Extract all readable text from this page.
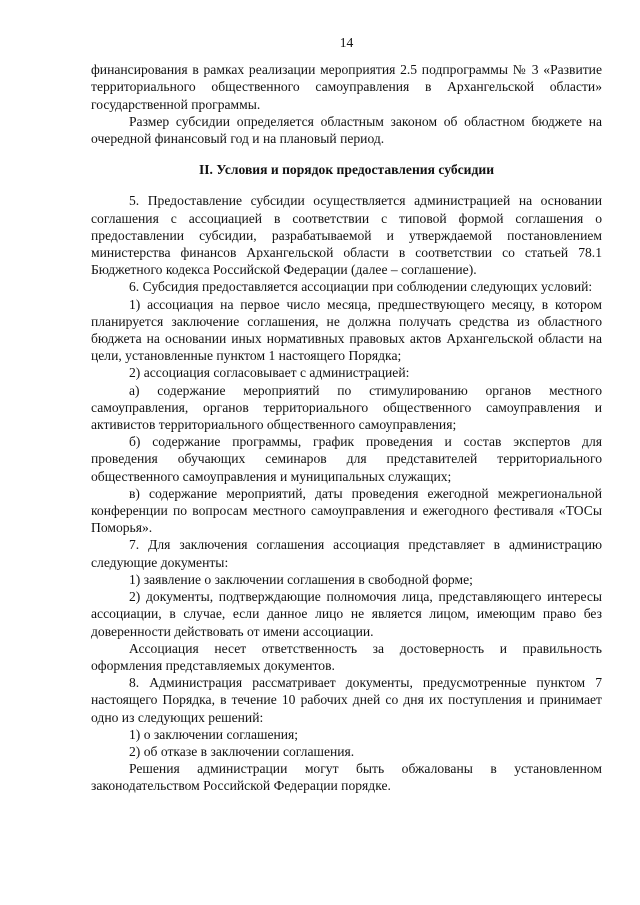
14

финансирования в рамках реализации мероприятия 2.5 подпрограммы № 3 «Развитие территориального общественного самоуправления в Архангельской области» государственной программы.

Размер субсидии определяется областным законом об областном бюджете на очередной финансовый год и на плановый период.

II. Условия и порядок предоставления субсидии

5. Предоставление субсидии осуществляется администрацией на основании соглашения с ассоциацией в соответствии с типовой формой соглашения о предоставлении субсидии, разрабатываемой и утверждаемой постановлением министерства финансов Архангельской области в соответствии со статьей 78.1 Бюджетного кодекса Российской Федерации (далее – соглашение).

6. Субсидия предоставляется ассоциации при соблюдении следующих условий:

1) ассоциация на первое число месяца, предшествующего месяцу, в котором планируется заключение соглашения, не должна получать средства из областного бюджета на основании иных нормативных правовых актов Архангельской области на цели, установленные пунктом 1 настоящего Порядка;

2) ассоциация согласовывает с администрацией:

а) содержание мероприятий по стимулированию органов местного самоуправления, органов территориального общественного самоуправления и активистов территориального общественного самоуправления;

б) содержание программы, график проведения и состав экспертов для проведения обучающих семинаров для представителей территориального общественного самоуправления и муниципальных служащих;

в) содержание мероприятий, даты проведения ежегодной межрегиональной конференции по вопросам местного самоуправления и ежегодного фестиваля «ТОСы Поморья».

7. Для заключения соглашения ассоциация представляет в администрацию следующие документы:

1) заявление о заключении соглашения в свободной форме;

2) документы, подтверждающие полномочия лица, представляющего интересы ассоциации, в случае, если данное лицо не является лицом, имеющим право без доверенности действовать от имени ассоциации.

Ассоциация несет ответственность за достоверность и правильность оформления представляемых документов.

8. Администрация рассматривает документы, предусмотренные пунктом 7 настоящего Порядка, в течение 10 рабочих дней со дня их поступления и принимает одно из следующих решений:

1) о заключении соглашения;

2) об отказе в заключении соглашения.

Решения администрации могут быть обжалованы в установленном законодательством Российской Федерации порядке.
